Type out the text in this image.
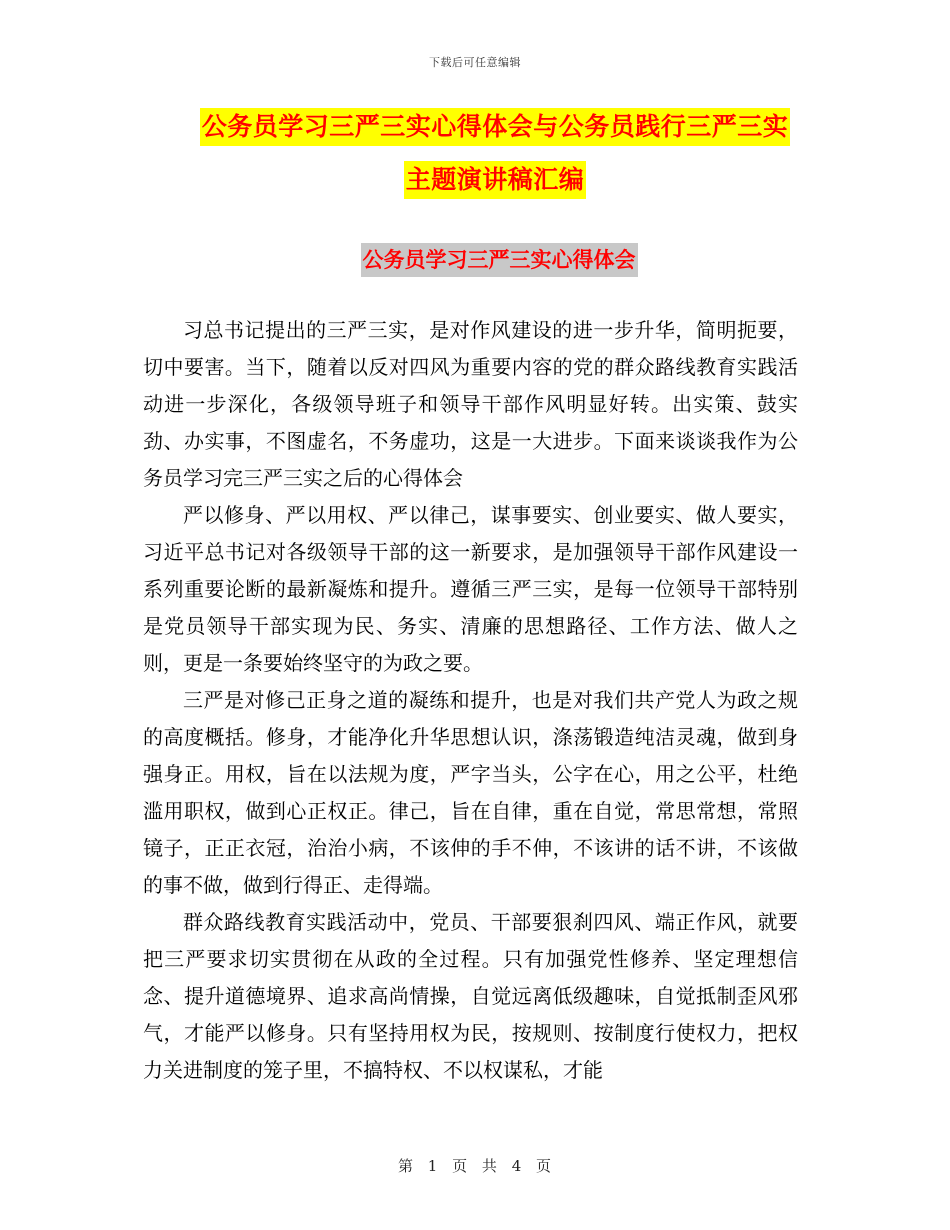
下载后可任意编辑
公务员学习三严三实心得体会与公务员践行三严三实
主题演讲稿汇编
公务员学习三严三实心得体会

习总书记提出的三严三实，是对作风建设的进一步升华，简明扼要，切中要害。当下，随着以反对四风为重要内容的党的群众路线教育实践活动进一步深化，各级领导班子和领导干部作风明显好转。出实策、鼓实劲、办实事，不图虚名，不务虚功，这是一大进步。下面来谈谈我作为公务员学习完三严三实之后的心得体会

严以修身、严以用权、严以律己，谋事要实、创业要实、做人要实，习近平总书记对各级领导干部的这一新要求，是加强领导干部作风建设一系列重要论断的最新凝炼和提升。遵循三严三实，是每一位领导干部特别是党员领导干部实现为民、务实、清廉的思想路径、工作方法、做人之则，更是一条要始终坚守的为政之要。

三严是对修己正身之道的凝练和提升，也是对我们共产党人为政之规的高度概括。修身，才能净化升华思想认识，涤荡锻造纯洁灵魂，做到身强身正。用权，旨在以法规为度，严字当头，公字在心，用之公平，杜绝滥用职权，做到心正权正。律己，旨在自律，重在自觉，常思常想，常照镜子，正正衣冠，治治小病，不该伸的手不伸，不该讲的话不讲，不该做的事不做，做到行得正、走得端。

群众路线教育实践活动中，党员、干部要狠刹四风、端正作风，就要把三严要求切实贯彻在从政的全过程。只有加强党性修养、坚定理想信念、提升道德境界、追求高尚情操，自觉远离低级趣味，自觉抵制歪风邪气，才能严以修身。只有坚持用权为民，按规则、按制度行使权力，把权力关进制度的笼子里，不搞特权、不以权谋私，才能

第 1 页 共 4 页
